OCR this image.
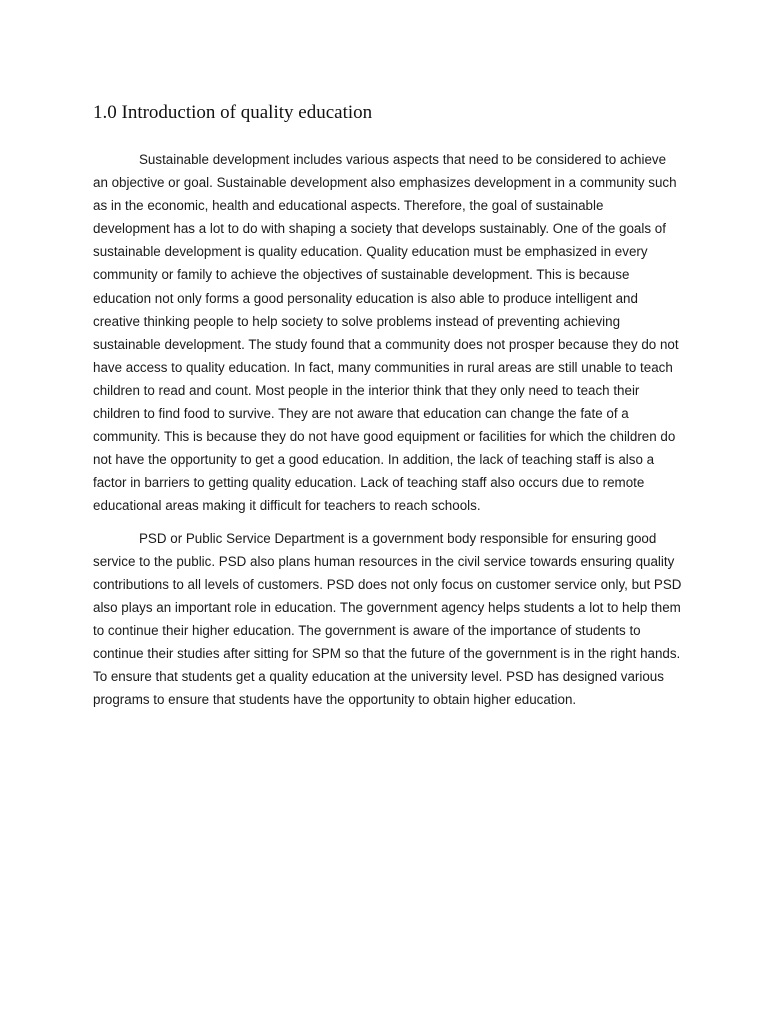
1.0 Introduction of quality education

Sustainable development includes various aspects that need to be considered to achieve an objective or goal. Sustainable development also emphasizes development in a community such as in the economic, health and educational aspects. Therefore, the goal of sustainable development has a lot to do with shaping a society that develops sustainably. One of the goals of sustainable development is quality education. Quality education must be emphasized in every community or family to achieve the objectives of sustainable development. This is because education not only forms a good personality education is also able to produce intelligent and creative thinking people to help society to solve problems instead of preventing achieving sustainable development. The study found that a community does not prosper because they do not have access to quality education. In fact, many communities in rural areas are still unable to teach children to read and count. Most people in the interior think that they only need to teach their children to find food to survive. They are not aware that education can change the fate of a community. This is because they do not have good equipment or facilities for which the children do not have the opportunity to get a good education. In addition, the lack of teaching staff is also a factor in barriers to getting quality education. Lack of teaching staff also occurs due to remote educational areas making it difficult for teachers to reach schools.

PSD or Public Service Department is a government body responsible for ensuring good service to the public. PSD also plans human resources in the civil service towards ensuring quality contributions to all levels of customers. PSD does not only focus on customer service only, but PSD also plays an important role in education. The government agency helps students a lot to help them to continue their higher education. The government is aware of the importance of students to continue their studies after sitting for SPM so that the future of the government is in the right hands. To ensure that students get a quality education at the university level. PSD has designed various programs to ensure that students have the opportunity to obtain higher education.
